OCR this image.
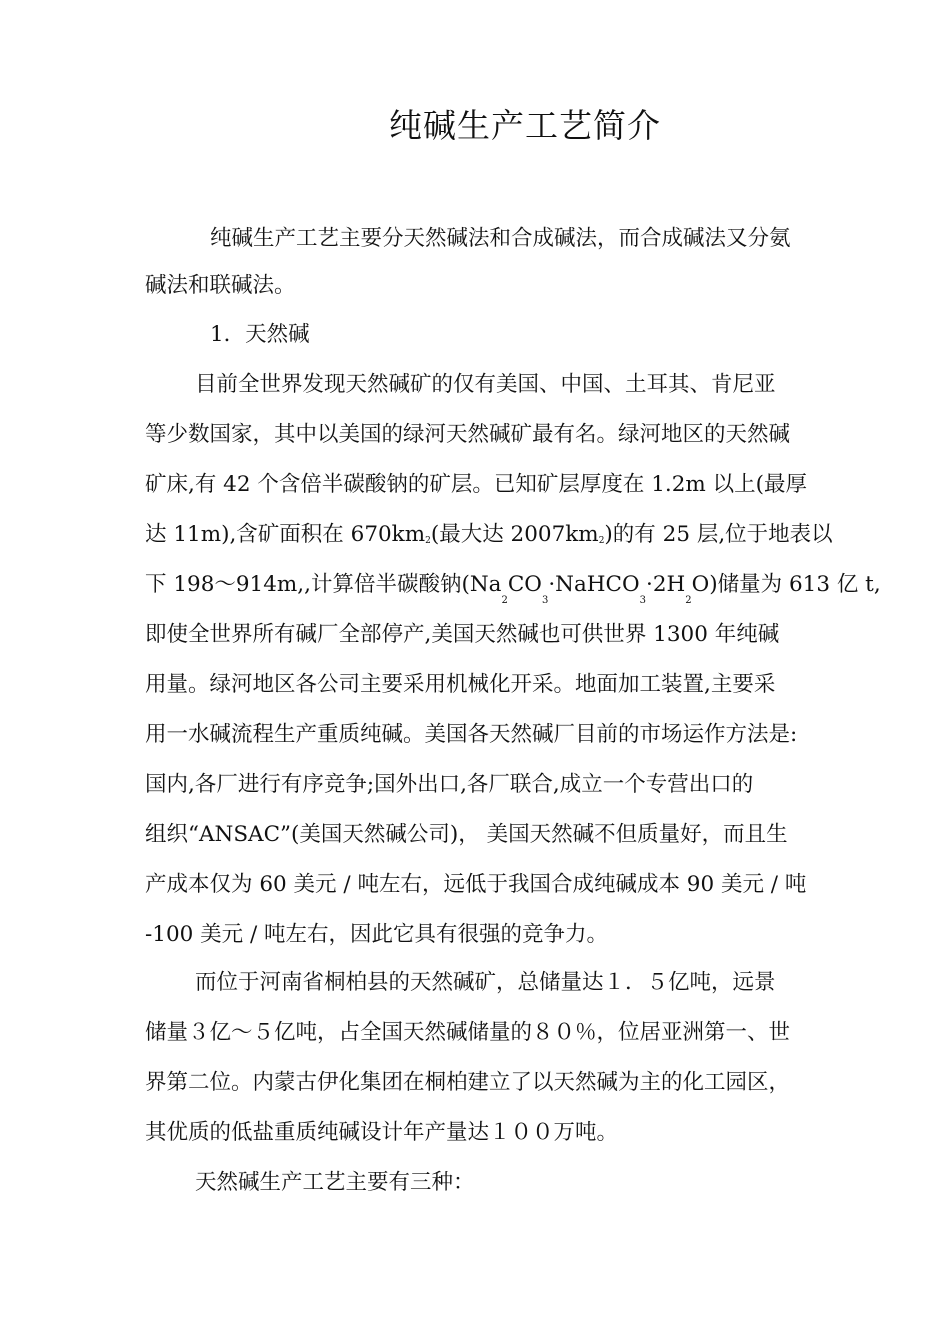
纯碱生产工艺简介
纯碱生产工艺主要分天然碱法和合成碱法，而合成碱法又分氨
碱法和联碱法。
1．天然碱
目前全世界发现天然碱矿的仅有美国、中国、土耳其、肯尼亚
等少数国家，其中以美国的绿河天然碱矿最有名。绿河地区的天然碱
矿床,有 42 个含倍半碳酸钠的矿层。已知矿层厚度在 1.2m 以上(最厚
达 11m),含矿面积在 $670km_2$(最大达 $2007km_2$)的有 25 层,位于地表以
下 198～914m,,计算倍半碳酸钠$(Na_2CO_3\cdot NaHCO_3\cdot 2H_2O)$储量为 613 亿 t,
即使全世界所有碱厂全部停产,美国天然碱也可供世界 1300 年纯碱
用量。绿河地区各公司主要采用机械化开采。地面加工装置,主要采
用一水碱流程生产重质纯碱。美国各天然碱厂目前的市场运作方法是:
国内,各厂进行有序竞争;国外出口,各厂联合,成立一个专营出口的
组织“ANSAC”(美国天然碱公司)， 美国天然碱不但质量好，而且生
产成本仅为 60 美元 / 吨左右，远低于我国合成纯碱成本 90 美元 / 吨
-100 美元 / 吨左右，因此它具有很强的竞争力。
而位于河南省桐柏县的天然碱矿，总储量达１．５亿吨，远景
储量３亿～５亿吨，占全国天然碱储量的８０％，位居亚洲第一、世
界第二位。内蒙古伊化集团在桐柏建立了以天然碱为主的化工园区，
其优质的低盐重质纯碱设计年产量达１００万吨。
天然碱生产工艺主要有三种：
